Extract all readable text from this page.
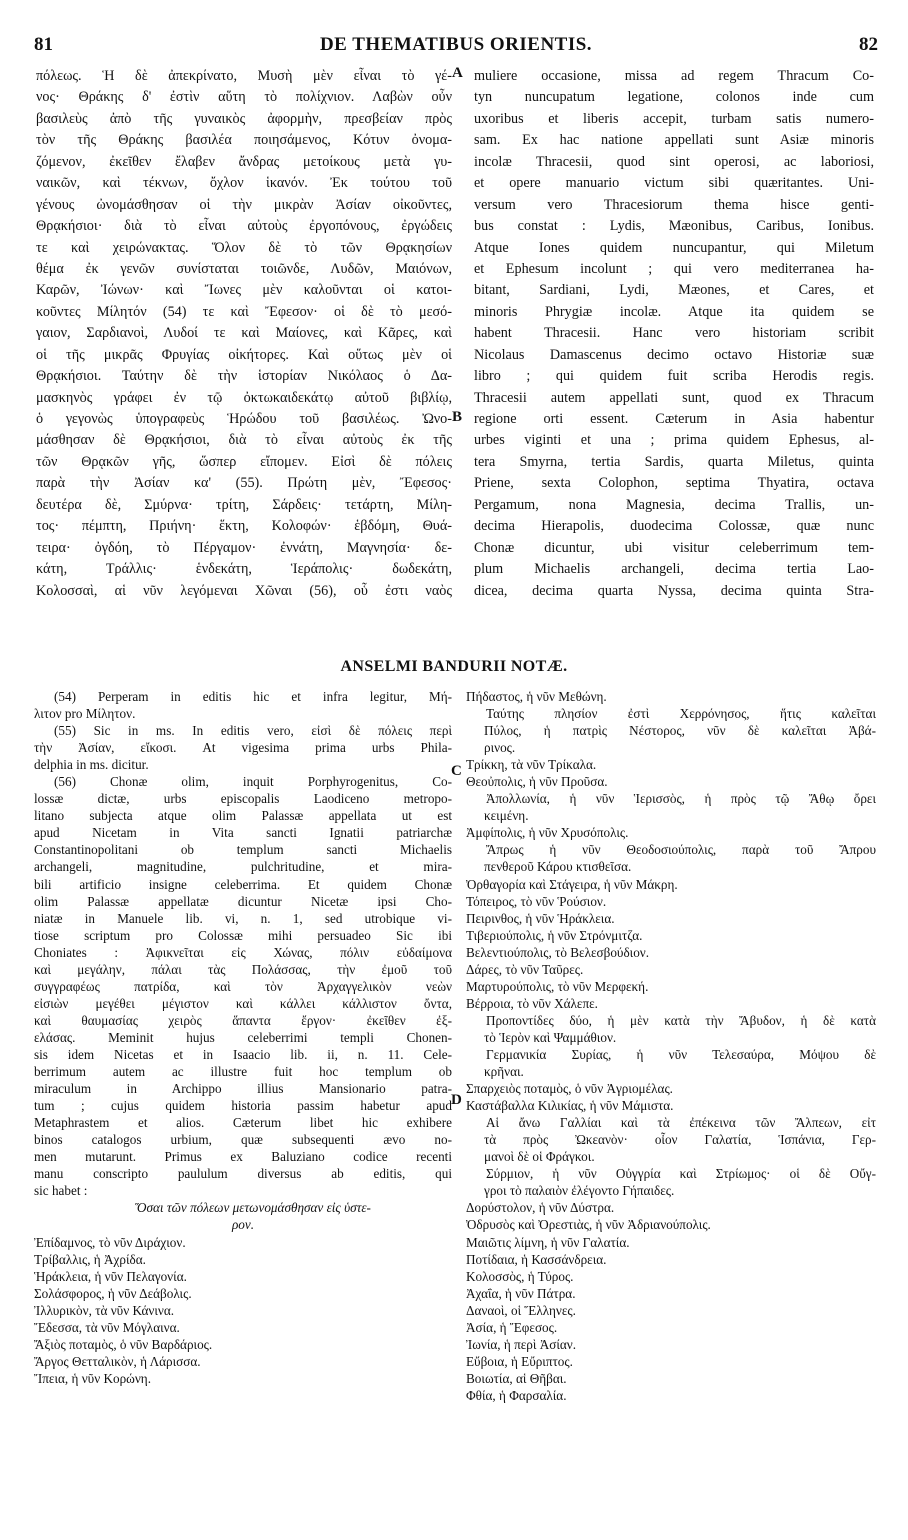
81	DE THEMATIBUS ORIENTIS.	82
πόλεως. Ἡ δὲ ἀπεκρίνατο, Μυσὴ μὲν εἶναι τὸ γέ-
νος· Θράκης δ' ἐστὶν αὕτη τὸ πολίχνιον. Λαβὼν οὖν
βασιλεὺς ἀπὸ τῆς γυναικὸς ἀφορμὴν, πρεσβείαν πρὸς
τὸν τῆς Θράκης βασιλέα ποιησάμενος, Κότυν ὀνομα-
ζόμενον, ἐκεῖθεν ἔλαβεν ἄνδρας μετοίκους μετὰ γυ-
ναικῶν, καὶ τέκνων, ὄχλον ἱκανόν. Ἐκ τούτου τοῦ
γένους ὠνομάσθησαν οἱ τὴν μικρὰν Ἀσίαν οἰκοῦντες,
Θρᾳκήσιοι· διὰ τὸ εἶναι αὐτοὺς ἐργοπόνους, ἐργώδεις
τε καὶ χειρώνακτας. Ὅλον δὲ τὸ τῶν Θρᾳκησίων
θέμα ἐκ γενῶν συνίσταται τοιῶνδε, Λυδῶν, Μαιόνων,
Καρῶν, Ἰώνων· καὶ Ἴωνες μὲν καλοῦνται οἱ κατοι-
κοῦντες Μίλητόν (54) τε καὶ Ἔφεσον· οἱ δὲ τὸ μεσό-
γαιον, Σαρδιανοὶ, Λυδοί τε καὶ Μαίονες, καὶ Κᾶρες, καὶ
οἱ τῆς μικρᾶς Φρυγίας οἰκήτορες. Καὶ οὕτως μὲν οἱ
Θρᾳκήσιοι. Ταύτην δὲ τὴν ἱστορίαν Νικόλαος ὁ Δα-
μασκηνὸς γράφει ἐν τῷ ὀκτωκαιδεκάτῳ αὐτοῦ βιβλίῳ,
ὁ γεγονὼς ὑπογραφεὺς Ἡρώδου τοῦ βασιλέως. Ὠνο-
μάσθησαν δὲ Θρᾳκήσιοι, διὰ τὸ εἶναι αὐτοὺς ἐκ τῆς
τῶν Θρᾳκῶν γῆς, ὥσπερ εἴπομεν. Εἰσὶ δὲ πόλεις
παρὰ τὴν Ἀσίαν κα' (55). Πρώτη μὲν, Ἔφεσος·
δευτέρα δὲ, Σμύρνα· τρίτη, Σάρδεις· τετάρτη, Μίλη-
τος· πέμπτη, Πριήνη· ἕκτη, Κολοφών· ἑβδόμη, Θυά-
τειρα· ὀγδόη, τὸ Πέργαμον· ἐννάτη, Μαγνησία· δε-
κάτη, Τράλλις· ἑνδεκάτη, Ἱεράπολις· δωδεκάτη,
Κολοσσαὶ, αἱ νῦν λεγόμεναι Χῶναι (56), οὗ ἐστι ναὸς
muliere occasione, missa ad regem Thracum Co-
tyn nuncupatum legatione, colonos inde cum
uxoribus et liberis accepit, turbam satis numero-
sam. Ex hac natione appellati sunt Asiæ minoris
incolæ Thracesii, quod sint operosi, ac laboriosi,
et opere manuario victum sibi quæritantes. Uni-
versum vero Thracesiorum thema hisce genti-
bus constat : Lydis, Mæonibus, Caribus, Ionibus.
Atque Iones quidem nuncupantur, qui Miletum
et Ephesum incolunt ; qui vero mediterranea ha-
bitant, Sardiani, Lydi, Mæones, et Cares, et
minoris Phrygiæ incolæ. Atque ita quidem se
habent Thracesii. Hanc vero historiam scribit
Nicolaus Damascenus decimo octavo Historiæ suæ
libro ; qui quidem fuit scriba Herodis regis.
Thracesii autem appellati sunt, quod ex Thracum
regione orti essent. Cæterum in Asia habentur
urbes viginti et una ; prima quidem Ephesus, al-
tera Smyrna, tertia Sardis, quarta Miletus, quinta
Priene, sexta Colophon, septima Thyatira, octava
Pergamum, nona Magnesia, decima Trallis, un-
decima Hierapolis, duodecima Colossæ, quæ nunc
Chonæ dicuntur, ubi visitur celeberrimum tem-
plum Michaelis archangeli, decima tertia Lao-
dicea, decima quarta Nyssa, decima quinta Stra-
A
B
C
D
ANSELMI BANDURII NOTÆ.
(54) Perperam in editis hic et infra legitur, Μή-
λιτον pro Μίλητον.
(55) Sic in ms. In editis vero, εἰσὶ δὲ πόλεις περὶ
τὴν Ἀσίαν, εἴκοσι. At vigesima prima urbs Phila-
delphia in ms. dicitur.
(56) Chonæ olim, inquit Porphyrogenitus, Co-
lossæ dictæ, urbs episcopalis Laodiceno metropo-
litano subjecta atque olim Palassæ appellata ut est
apud Nicetam in Vita sancti Ignatii patriarchæ
Constantinopolitani ob templum sancti Michaelis
archangeli, magnitudine, pulchritudine, et mira-
bili artificio insigne celeberrima. Et quidem Chonæ
olim Palassæ appellatæ dicuntur Nicetæ ipsi Cho-
niatæ in Manuele lib. vi, n. 1, sed utrobique vi-
tiose scriptum pro Colossæ mihi persuadeo Sic ibi
Choniates : Ἀφικνεῖται εἰς Χώνας, πόλιν εὐδαίμονα
καὶ μεγάλην, πάλαι τὰς Πολάσσας, τὴν ἐμοῦ τοῦ
συγγραφέως πατρίδα, καὶ τὸν Ἀρχαγγελικὸν νεὼν
εἰσιὼν μεγέθει μέγιστον καὶ κάλλει κάλλιστον ὄντα,
καὶ θαυμασίας χειρὸς ἅπαντα ἔργον· ἐκεῖθεν ἐξ-
ελάσας. Meminit hujus celeberrimi templi Chonen-
sis idem Nicetas et in Isaacio lib. ii, n. 11. Cele-
berrimum autem ac illustre fuit hoc templum ob
miraculum in Archippo illius Mansionario patra-
tum ; cujus quidem historia passim habetur apud
Metaphrastem et alios. Cæterum libet hic exhibere
binos catalogos urbium, quæ subsequenti ævo no-
men mutarunt. Primus ex Baluziano codice recenti
manu conscripto paululum diversus ab editis, qui
sic habet :
Ὅσαι τῶν πόλεων μετωνομάσθησαν εἰς ὑστε-
ρον.
Ἐπίδαμνος, τὸ νῦν Διράχιον.
Τρίβαλλις, ἡ Ἀχρίδα.
Ἡράκλεια, ἡ νῦν Πελαγονία.
Σολάσφορος, ἡ νῦν Δεάβολις.
Ἰλλυρικὸν, τὰ νῦν Κάνινα.
Ἔδεσσα, τὰ νῦν Μόγλαινα.
Ἄξιὸς ποταμὸς, ὁ νῦν Βαρδάριος.
Ἄργος Θετταλικὸν, ἡ Λάρισσα.
Ἴπεια, ἡ νῦν Κορώνη.
Πήδαστος, ἡ νῦν Μεθώνη.
Ταύτης πλησίον ἐστὶ Χερρόνησος, ἥτις καλεῖται
Πύλος, ἡ πατρὶς Νέστορος, νῦν δὲ καλεῖται Ἀβά-
ρινος.
Τρίκκη, τὰ νῦν Τρίκαλα.
Θεοὐπολις, ἡ νῦν Προῦσα.
Ἀπολλωνία, ἡ νῦν Ἱερισσὸς, ἡ πρὸς τῷ Ἄθῳ ὄρει
κειμένη.
Ἀμφίπολις, ἡ νῦν Χρυσόπολις.
Ἄπρως ἡ νῦν Θεοδοσιούπολις, παρὰ τοῦ Ἄπρου
πενθεροῦ Κάρου κτισθεῖσα.
Ὀρθαγορία καὶ Στάγειρα, ἡ νῦν Μάκρη.
Τόπειρος, τὸ νῦν Ῥούσιον.
Πειρινθος, ἡ νῦν Ἡράκλεια.
Τιβεριούπολις, ἡ νῦν Στρόνμιτζα.
Βελεντιούπολις, τὸ Βελεσβούδιον.
Δάρες, τὸ νῦν Ταῦρες.
Μαρτυρούπολις, τὸ νῦν Μερφεκή.
Βέρροια, τὸ νῦν Χάλεπε.
Προποντίδες δύο, ἡ μὲν κατὰ τὴν Ἄβυδον, ἡ δὲ κατὰ
τὸ Ἱερὸν καὶ Ψαμμάθιον.
Γερμανικία Συρίας, ἡ νῦν Τελεσαύρα, Μόψου δὲ
κρῆναι.
Σπαρχειὸς ποταμὸς, ὁ νῦν Ἀγριομέλας.
Καστάβαλλα Κιλικίας, ἡ νῦν Μάμιστα.
Αἱ ἄνω Γαλλίαι καὶ τὰ ἐπέκεινα τῶν Ἄλπεων, εἰτ
τὰ πρὸς Ὠκεανὸν· οἷον Γαλατία, Ἱσπάνια, Γερ-
μανοὶ δὲ οἱ Φράγκοι.
Σύρμιον, ἡ νῦν Οὐγγρία καὶ Στρίωμος· οἱ δὲ Οὔγ-
γροι τὸ παλαιὸν ἐλέγοντο Γήπαιδες.
Δορύστολον, ἡ νῦν Δύστρα.
Ὀδρυσὸς καὶ Ὀρεστιὰς, ἡ νῦν Ἀδριανούπολις.
Μαιῶτις λίμνη, ἡ νῦν Γαλατία.
Ποτίδαια, ἡ Κασσάνδρεια.
Κολοσσὸς, ἡ Τύρος.
Ἀχαΐα, ἡ νῦν Πάτρα.
Δαναοὶ, οἱ Ἕλληνες.
Ἀσία, ἡ Ἔφεσος.
Ἰωνία, ἡ περὶ Ἀσίαν.
Εὔβοια, ἡ Εὔριπτος.
Βοιωτία, αἱ Θῆβαι.
Φθία, ἡ Φαρσαλία.
